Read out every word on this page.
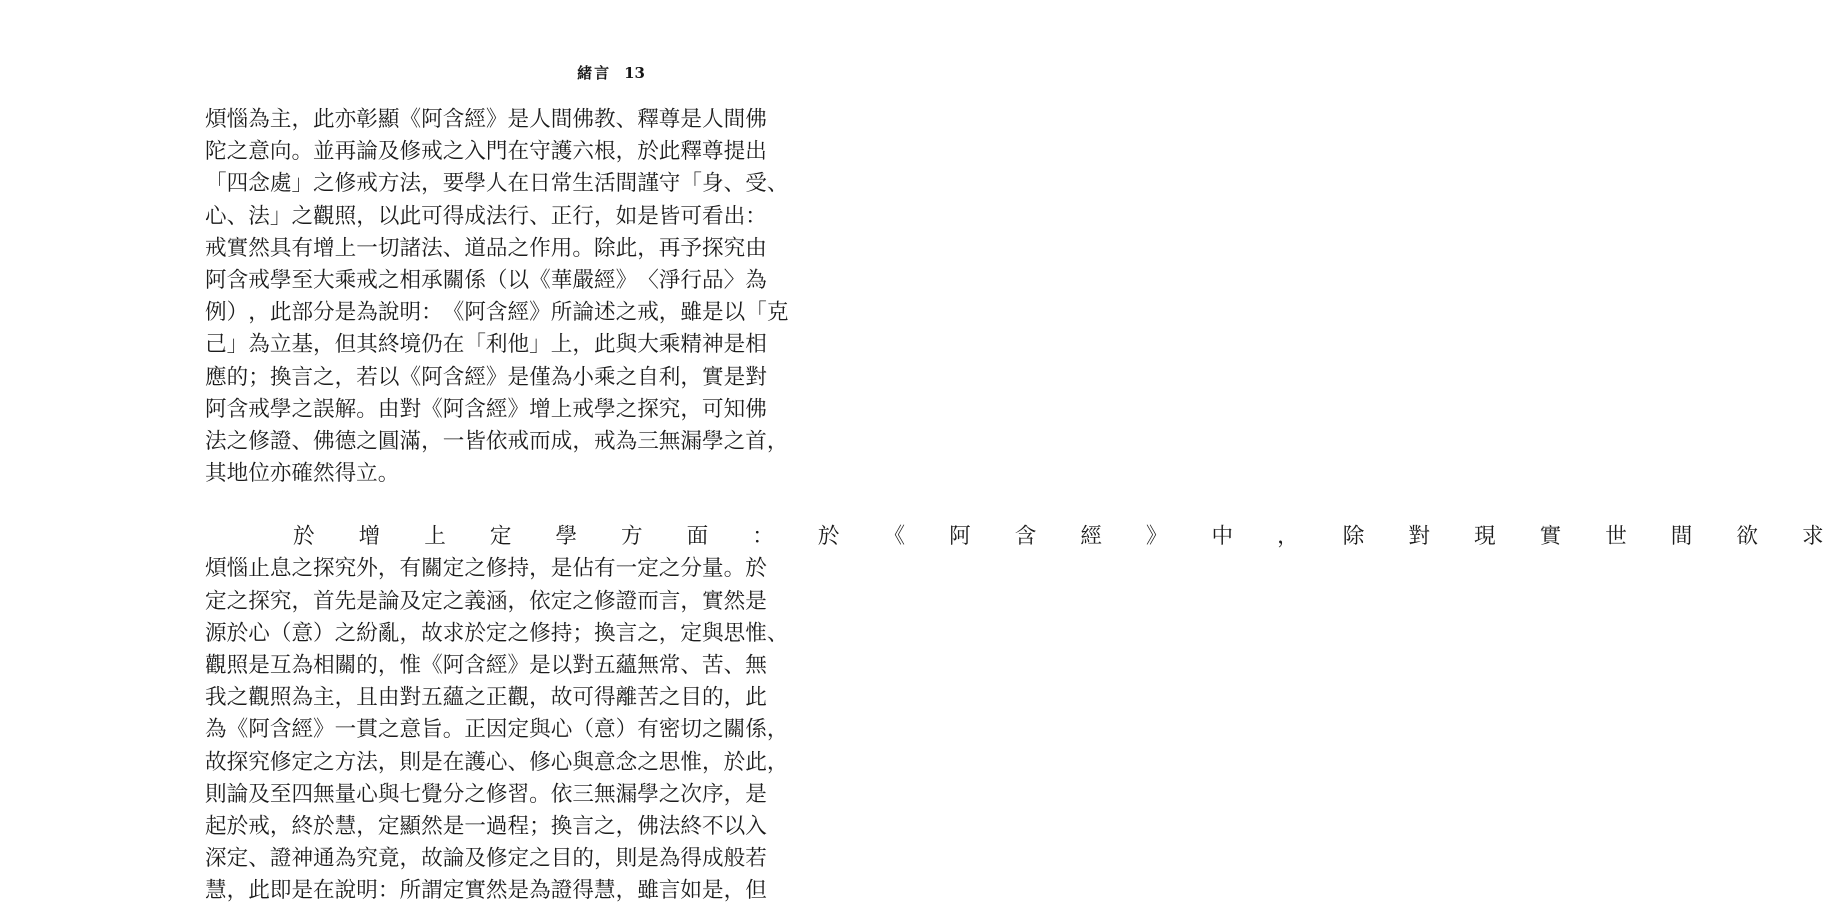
緒言 13
煩 惱 為 主 ， 此 亦 彰 顯 《 阿 含 經 》 是 人 間 佛 教 、 釋 尊 是 人 間 佛
陀 之 意 向 。 並 再 論 及 修 戒 之 入 門 在 守 護 六 根 ， 於 此 釋 尊 提 出
「 四 念 處 」 之 修 戒 方 法 ， 要 學 人 在 日 常 生 活 間 謹 守 「 身 、 受 、
心 、 法 」 之 觀 照 ， 以 此 可 得 成 法 行 、 正 行 ， 如 是 皆 可 看 出 ：
戒 實 然 具 有 增 上 一 切 諸 法 、 道 品 之 作 用 。 除 此 ， 再 予 探 究 由
阿 含 戒 學 至 大 乘 戒 之 相 承 關 係 （ 以 《 華 嚴 經 》 〈 淨 行 品 〉 為
例 ） ， 此 部 分 是 為 說 明 ： 《 阿 含 經 》 所 論 述 之 戒 ， 雖 是 以 「 克
己 」 為 立 基 ， 但 其 終 境 仍 在 「 利 他 」 上 ， 此 與 大 乘 精 神 是 相
應 的 ； 換 言 之 ， 若 以 《 阿 含 經 》 是 僅 為 小 乘 之 自 利 ， 實 是 對
阿 含 戒 學 之 誤 解 。 由 對 《 阿 含 經 》 增 上 戒 學 之 探 究 ， 可 知 佛
法 之 修 證 、 佛 德 之 圓 滿 ， 一 皆 依 戒 而 成 ， 戒 為 三 無 漏 學 之 首 ，
其地位亦確然得立。
於	增	上	定	學	方	面	：	於	《	阿	含	經	》	中	，	除	對	現	實	世	間	欲	求
煩 惱 止 息 之 探 究 外 ， 有 關 定 之 修 持 ， 是 佔 有 一 定 之 分 量 。 於
定 之 探 究 ， 首 先 是 論 及 定 之 義 涵 ， 依 定 之 修 證 而 言 ， 實 然 是
源 於 心 （ 意 ） 之 紛 亂 ， 故 求 於 定 之 修 持 ； 換 言 之 ， 定 與 思 惟 、
觀 照 是 互 為 相 關 的 ， 惟 《 阿 含 經 》 是 以 對 五 蘊 無 常 、 苦 、 無
我 之 觀 照 為 主 ， 且 由 對 五 蘊 之 正 觀 ， 故 可 得 離 苦 之 目 的 ， 此
為 《 阿 含 經 》 一 貫 之 意 旨 。 正 因 定 與 心 （ 意 ） 有 密 切 之 關 係 ，
故 探 究 修 定 之 方 法 ， 則 是 在 護 心 、 修 心 與 意 念 之 思 惟 ， 於 此 ，
則 論 及 至 四 無 量 心 與 七 覺 分 之 修 習 。 依 三 無 漏 學 之 次 序 ， 是
起 於 戒 ， 終 於 慧 ， 定 顯 然 是 一 過 程 ； 換 言 之 ， 佛 法 終 不 以 入
深 定 、 證 神 通 為 究 竟 ， 故 論 及 修 定 之 目 的 ， 則 是 為 得 成 般 若
慧 ， 此 即 是 在 說 明 ： 所 謂 定 實 然 是 為 證 得 慧 ， 雖 言 如 是 ， 但
